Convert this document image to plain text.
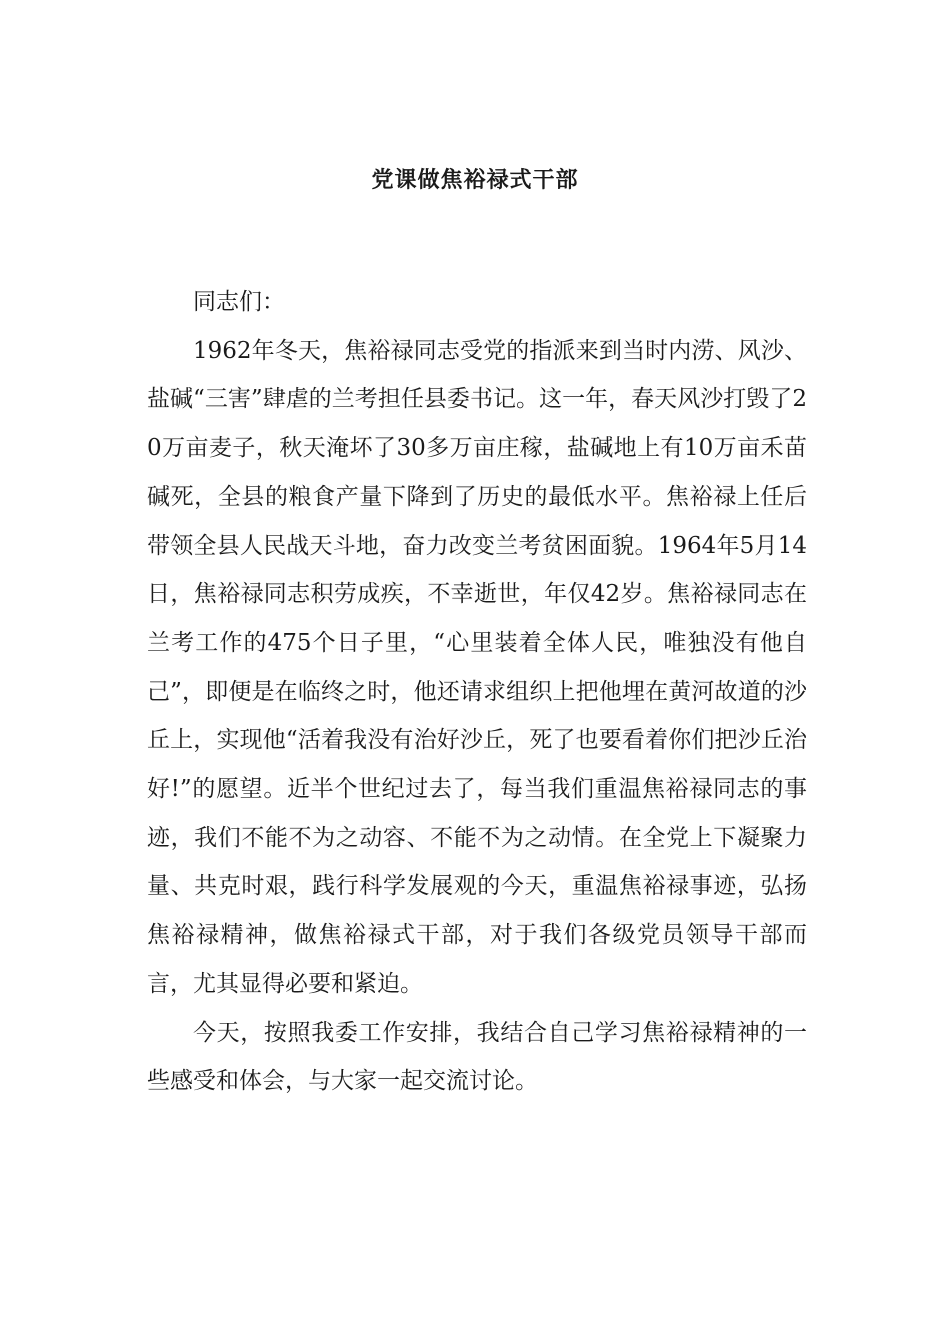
党课做焦裕禄式干部

同志们：

1962年冬天，焦裕禄同志受党的指派来到当时内涝、风沙、盐碱“三害”肆虐的兰考担任县委书记。这一年，春天风沙打毁了20万亩麦子，秋天淹坏了30多万亩庄稼，盐碱地上有10万亩禾苗碱死，全县的粮食产量下降到了历史的最低水平。焦裕禄上任后带领全县人民战天斗地，奋力改变兰考贫困面貌。1964年5月14日，焦裕禄同志积劳成疾，不幸逝世，年仅42岁。焦裕禄同志在兰考工作的475个日子里，“心里装着全体人民，唯独没有他自己”，即便是在临终之时，他还请求组织上把他埋在黄河故道的沙丘上，实现他“活着我没有治好沙丘，死了也要看着你们把沙丘治好!”的愿望。近半个世纪过去了，每当我们重温焦裕禄同志的事迹，我们不能不为之动容、不能不为之动情。在全党上下凝聚力量、共克时艰，践行科学发展观的今天，重温焦裕禄事迹，弘扬焦裕禄精神，做焦裕禄式干部，对于我们各级党员领导干部而言，尤其显得必要和紧迫。

今天，按照我委工作安排，我结合自己学习焦裕禄精神的一些感受和体会，与大家一起交流讨论。
